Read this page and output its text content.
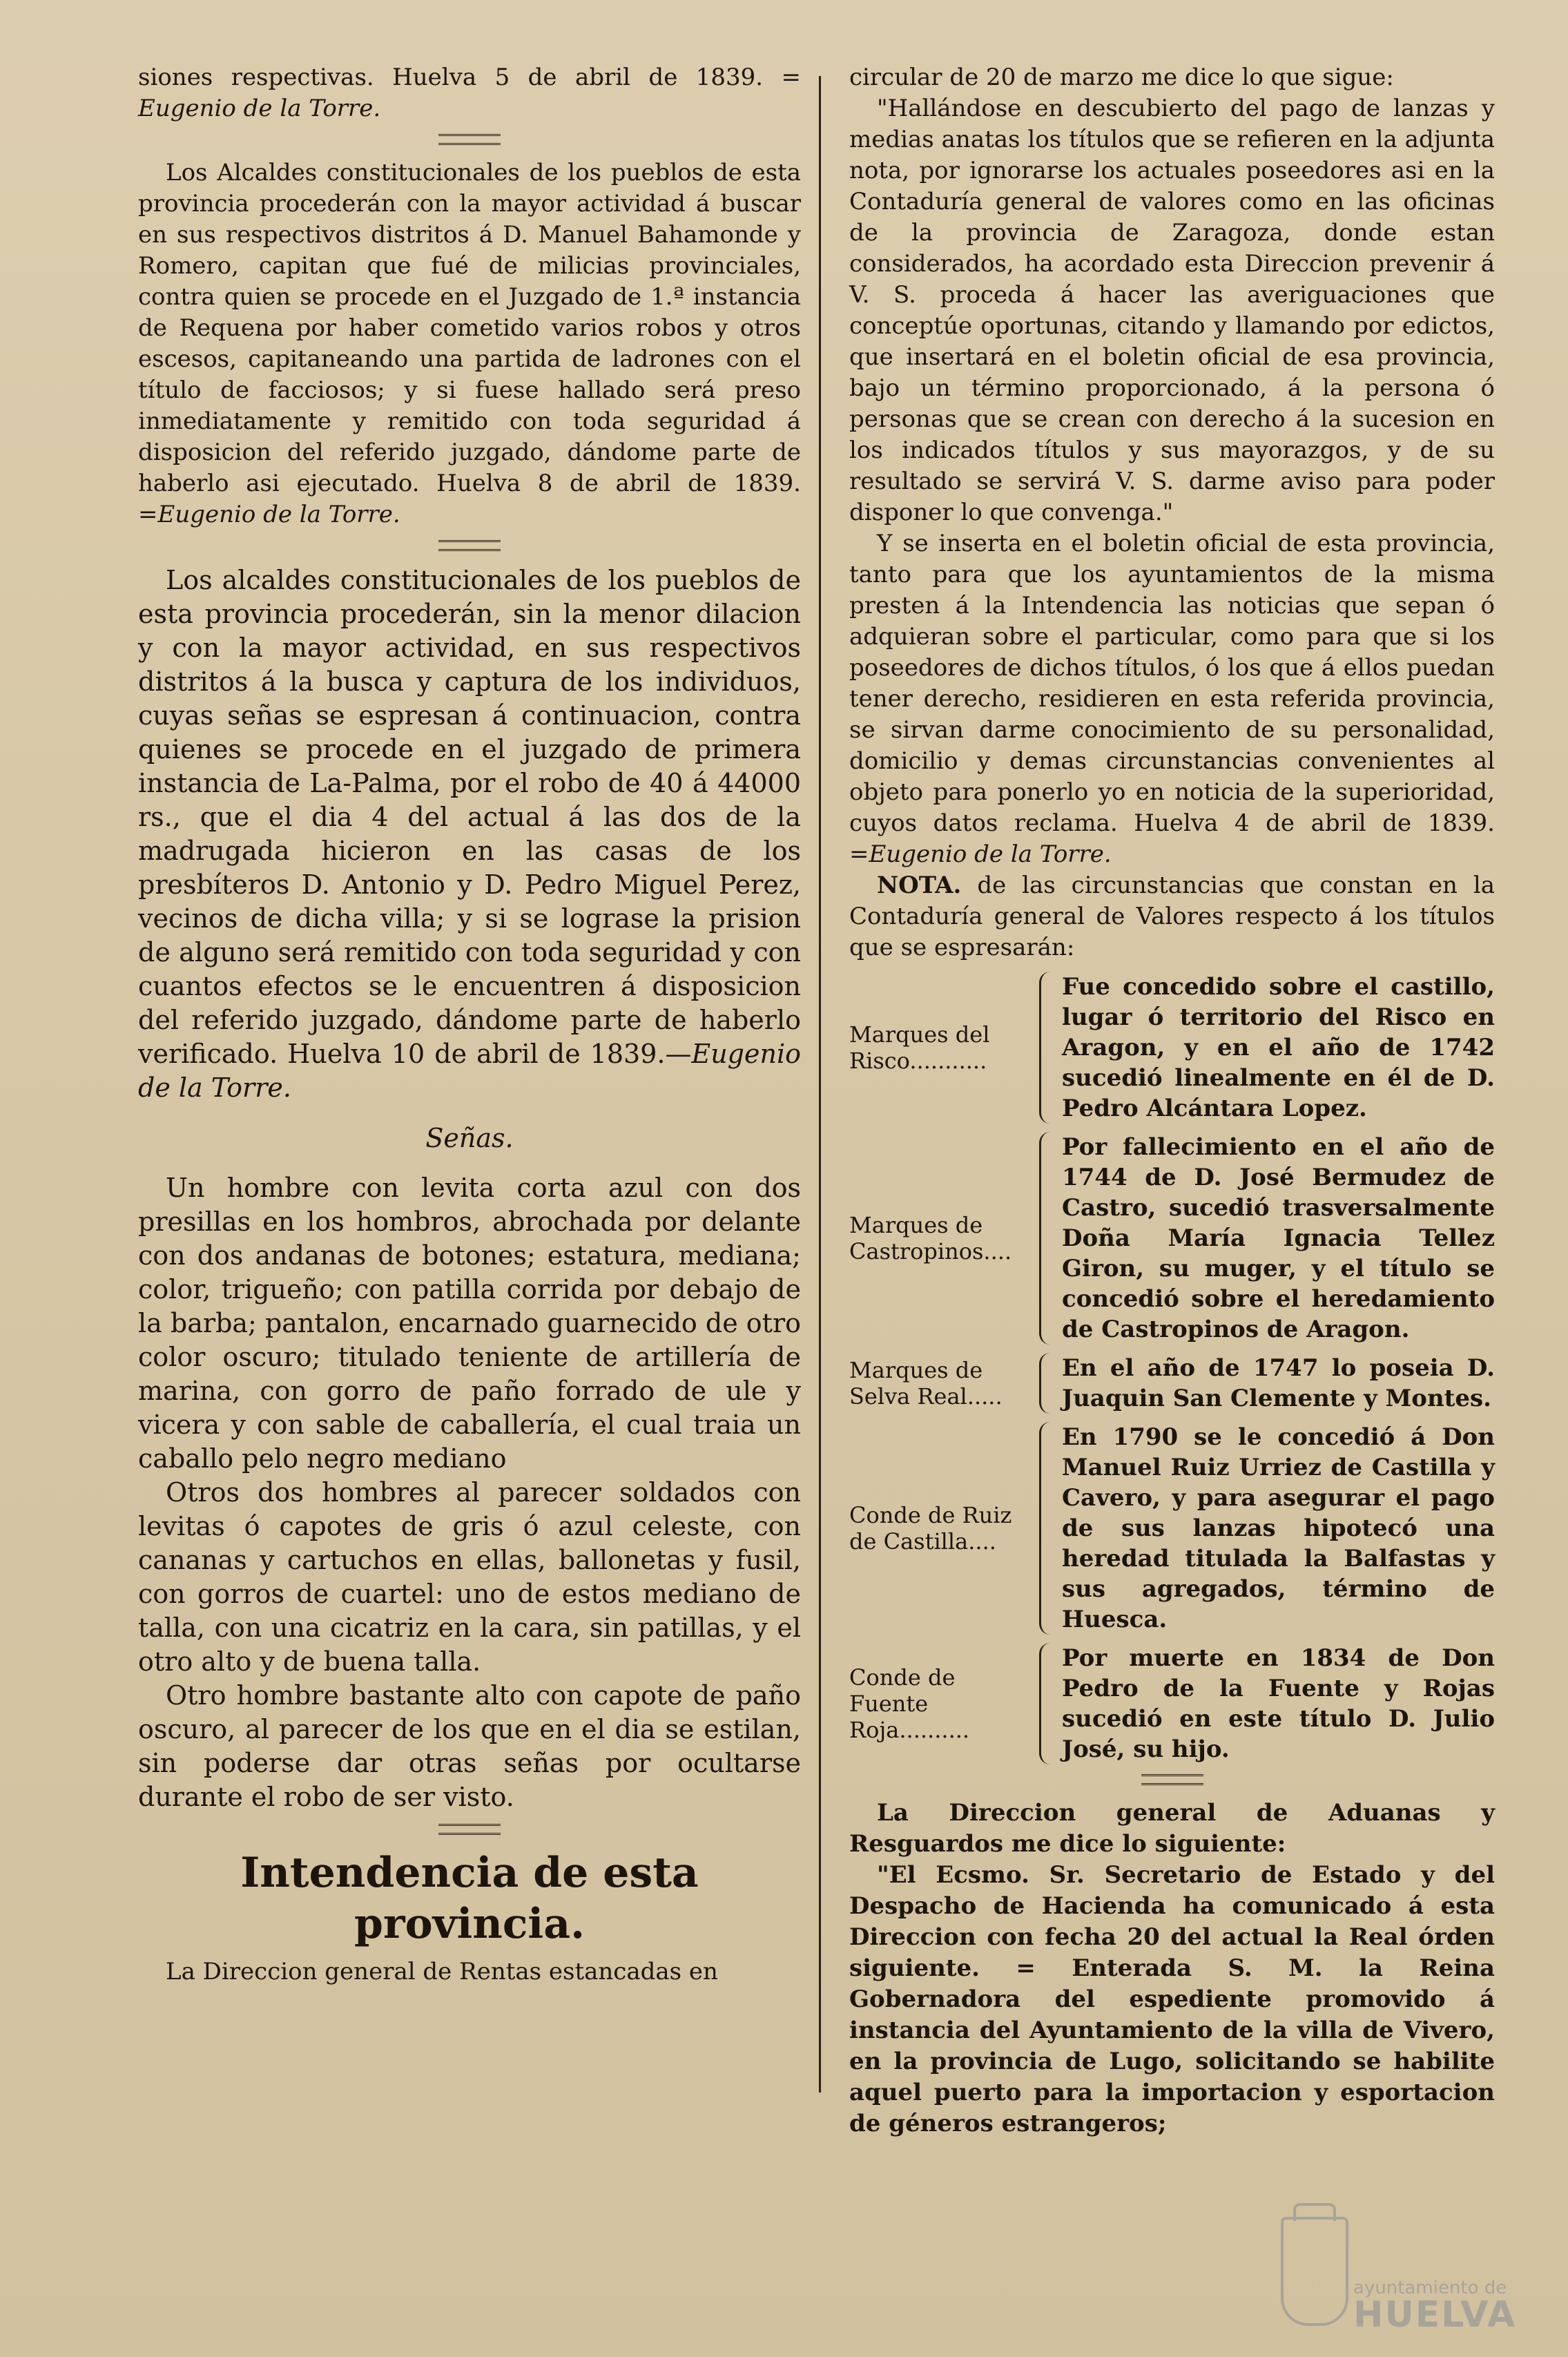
siones respectivas. Huelva 5 de abril de 1839. = Eugenio de la Torre.

Los Alcaldes constitucionales de los pueblos de esta provincia procederán con la mayor actividad á buscar en sus respectivos distritos á D. Manuel Bahamonde y Romero, capitan que fué de milicias provinciales, contra quien se procede en el Juzgado de 1.ª instancia de Requena por haber cometido varios robos y otros escesos, capitaneando una partida de ladrones con el título de facciosos; y si fuese hallado será preso inmediatamente y remitido con toda seguridad á disposicion del referido juzgado, dándome parte de haberlo asi ejecutado. Huelva 8 de abril de 1839. =Eugenio de la Torre.

Los alcaldes constitucionales de los pueblos de esta provincia procederán, sin la menor dilacion y con la mayor actividad, en sus respectivos distritos á la busca y captura de los individuos, cuyas señas se espresan á continuacion, contra quienes se procede en el juzgado de primera instancia de La-Palma, por el robo de 40 á 44000 rs., que el dia 4 del actual á las dos de la madrugada hicieron en las casas de los presbíteros D. Antonio y D. Pedro Miguel Perez, vecinos de dicha villa; y si se lograse la prision de alguno será remitido con toda seguridad y con cuantos efectos se le encuentren á disposicion del referido juzgado, dándome parte de haberlo verificado. Huelva 10 de abril de 1839.—Eugenio de la Torre.

Señas.

Un hombre con levita corta azul con dos presillas en los hombros, abrochada por delante con dos andanas de botones; estatura, mediana; color, trigueño; con patilla corrida por debajo de la barba; pantalon, encarnado guarnecido de otro color oscuro; titulado teniente de artillería de marina, con gorro de paño forrado de ule y vicera y con sable de caballería, el cual traia un caballo pelo negro mediano

Otros dos hombres al parecer soldados con levitas ó capotes de gris ó azul celeste, con cananas y cartuchos en ellas, ballonetas y fusil, con gorros de cuartel: uno de estos mediano de talla, con una cicatriz en la cara, sin patillas, y el otro alto y de buena talla.

Otro hombre bastante alto con capote de paño oscuro, al parecer de los que en el dia se estilan, sin poderse dar otras señas por ocultarse durante el robo de ser visto.

Intendencia de esta provincia.

La Direccion general de Rentas estancadas en

circular de 20 de marzo me dice lo que sigue:

"Hallándose en descubierto del pago de lanzas y medias anatas los títulos que se refieren en la adjunta nota, por ignorarse los actuales poseedores asi en la Contaduría general de valores como en las oficinas de la provincia de Zaragoza, donde estan considerados, ha acordado esta Direccion prevenir á V. S. proceda á hacer las averiguaciones que conceptúe oportunas, citando y llamando por edictos, que insertará en el boletin oficial de esa provincia, bajo un término proporcionado, á la persona ó personas que se crean con derecho á la sucesion en los indicados títulos y sus mayorazgos, y de su resultado se servirá V. S. darme aviso para poder disponer lo que convenga."

Y se inserta en el boletin oficial de esta provincia, tanto para que los ayuntamientos de la misma presten á la Intendencia las noticias que sepan ó adquieran sobre el particular, como para que si los poseedores de dichos títulos, ó los que á ellos puedan tener derecho, residieren en esta referida provincia, se sirvan darme conocimiento de su personalidad, domicilio y demas circunstancias convenientes al objeto para ponerlo yo en noticia de la superioridad, cuyos datos reclama. Huelva 4 de abril de 1839. =Eugenio de la Torre.

NOTA. de las circunstancias que constan en la Contaduría general de Valores respecto á los títulos que se espresarán:

Marques del Risco...........
Fue concedido sobre el castillo, lugar ó territorio del Risco en Aragon, y en el año de 1742 sucedió linealmente en él de D. Pedro Alcántara Lopez.
Marques de Castropinos....
Por fallecimiento en el año de 1744 de D. José Bermudez de Castro, sucedió trasversalmente Doña María Ignacia Tellez Giron, su muger, y el título se concedió sobre el heredamiento de Castropinos de Aragon.
Marques de Selva Real.....
En el año de 1747 lo poseia D. Juaquin San Clemente y Montes.
Conde de Ruiz de Castilla....
En 1790 se le concedió á Don Manuel Ruiz Urriez de Castilla y Cavero, y para asegurar el pago de sus lanzas hipotecó una heredad titulada la Balfastas y sus agregados, término de Huesca.
Conde de Fuente Roja..........
Por muerte en 1834 de Don Pedro de la Fuente y Rojas sucedió en este título D. Julio José, su hijo.

La Direccion general de Aduanas y Resguardos me dice lo siguiente:

"El Ecsmo. Sr. Secretario de Estado y del Despacho de Hacienda ha comunicado á esta Direccion con fecha 20 del actual la Real órden siguiente. = Enterada S. M. la Reina Gobernadora del espediente promovido á instancia del Ayuntamiento de la villa de Vivero, en la provincia de Lugo, solicitando se habilite aquel puerto para la importacion y esportacion de géneros estrangeros;

ayuntamiento de
HUELVA
